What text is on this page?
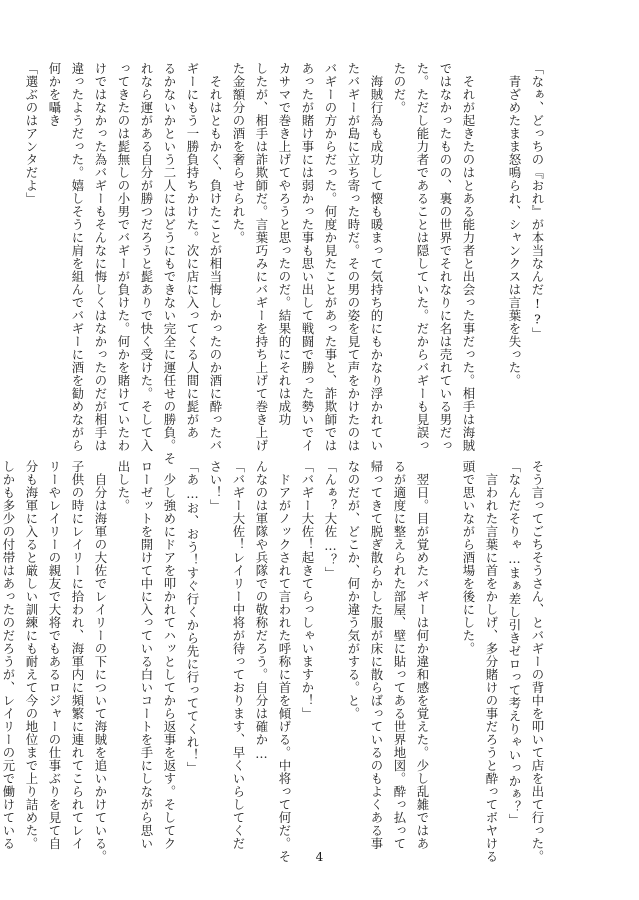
「なぁ、どっちの『おれ』が本当なんだ!?」
　青ざめたまま怒鳴られ、シャンクスは言葉を失った。

　それが起きたのはとある能力者と出会った事だった。相手は海賊
ではなかったものの、裏の世界でそれなりに名は売れている男だっ
た。ただし能力者であることは隠していた。だからバギーも見誤っ
たのだ。
　海賊行為も成功して懐も暖まって気持ち的にもかなり浮かれてい
たバギーが島に立ち寄った時だ。その男の姿を見て声をかけたのは
バギーの方からだった。何度か見たことがあった事と、詐欺師では
あったが賭け事には弱かった事も思い出して戦闘で勝った勢いでイ
カサマで巻き上げてやろうと思ったのだ。結果的にそれは成功
したが、相手は詐欺師だ。言葉巧みにバギーを持ち上げて巻き上げ
た金額分の酒を奢らせられた。
　それはともかく、負けたことが相当悔しかったのか酒に酔ったバ
ギーにもう一勝負持ちかけた。次に店に入ってくる人間に髭があ
るかないかという二人にはどうにもできない完全に運任せの勝負。そ
れなら運がある自分が勝つだろうと髭ありで快く受けた。そして入
ってきたのは髭無しの小男でバギーが負けた。何かを賭けていたわ
けではなかった為バギーもそんなに悔しくはなかったのだが相手は
違ったようだった。嬉しそうに肩を組んでバギーに酒を勧めながら
何かを囁き
「選ぶのはアンタだよ」
そう言ってごちそうさん、とバギーの背中を叩いて店を出て行った。
「なんだそりゃ…まぁ差し引きゼロって考えりゃいっかぁ？」
　言われた言葉に首をかしげ、多分賭けの事だろうと酔ってボヤける
頭で思いながら酒場を後にした。

　翌日。目が覚めたバギーは何か違和感を覚えた。少し乱雑ではあ
るが適度に整えられた部屋、壁に貼ってある世界地図。酔っ払って
帰ってきて脱ぎ散らかした服が床に散らばっているのもよくある事
なのだが、どこか、何か違う気がする。と。
「んぁ？大佐…？」
「バギー大佐！起きてらっしゃいますか！」
　ドアがノックされて言われた呼称に首を傾げる。中将って何だ。そ
んなのは軍隊や兵隊での敬称だろう。自分は確か…
「バギー大佐！レイリー中将が待っております、早くいらしてくだ
さい！」
「あ…お、おう！すぐ行くから先に行っててくれ！」
　少し強めにドアを叩かれてハッとしてから返事を返す。そしてク
ローゼットを開けて中に入っている白いコートを手にしながら思い
出した。
　自分は海軍の大佐でレイリーの下について海賊を追いかけている。
子供の時にレイリーに拾われ、海軍内に頻繁に連れてこられてレイ
リーやレイリーの親友で大将でもあるロジャーの仕事ぶりを見て自
分も海軍に入ると厳しい訓練にも耐えて今の地位まで上り詰めた。
しかも多少の付帯はあったのだろうが、レイリーの元で働けている
4
